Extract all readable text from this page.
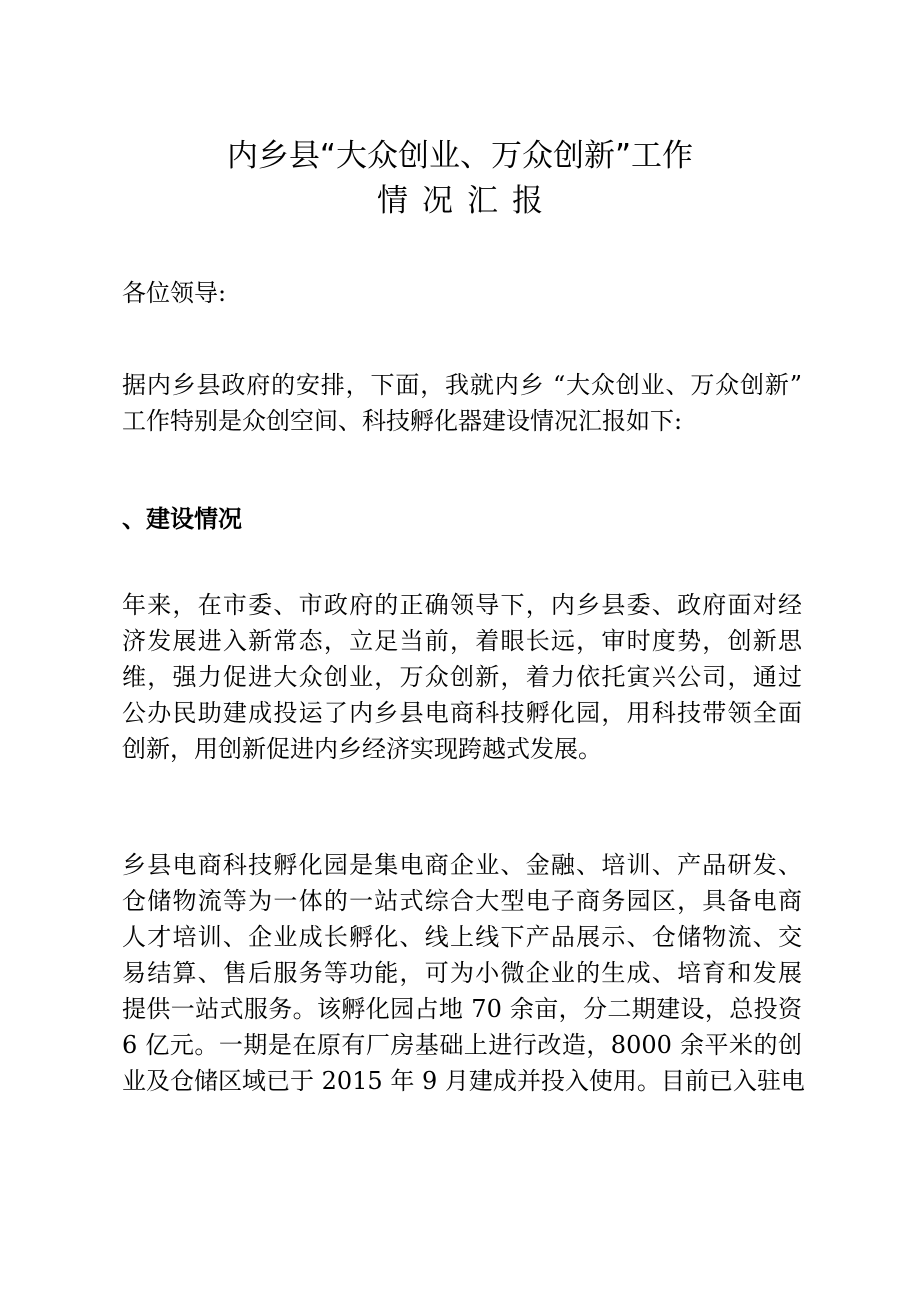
内乡县“大众创业、万众创新”工作
情况汇报
各位领导:
据内乡县政府的安排，下面，我就内乡 “大众创业、万众创新”
工作特别是众创空间、科技孵化器建设情况汇报如下:
、建设情况
年来，在市委、市政府的正确领导下，内乡县委、政府面对经
济发展进入新常态，立足当前，着眼长远，审时度势，创新思
维，强力促进大众创业，万众创新，着力依托寅兴公司，通过
公办民助建成投运了内乡县电商科技孵化园，用科技带领全面
创新，用创新促进内乡经济实现跨越式发展。
乡县电商科技孵化园是集电商企业、金融、培训、产品研发、
仓储物流等为一体的一站式综合大型电子商务园区，具备电商
人才培训、企业成长孵化、线上线下产品展示、仓储物流、交
易结算、售后服务等功能，可为小微企业的生成、培育和发展
提供一站式服务。该孵化园占地 70 余亩，分二期建设，总投资
6 亿元。一期是在原有厂房基础上进行改造，8000 余平米的创
业及仓储区域已于 2015 年 9 月建成并投入使用。目前已入驻电
